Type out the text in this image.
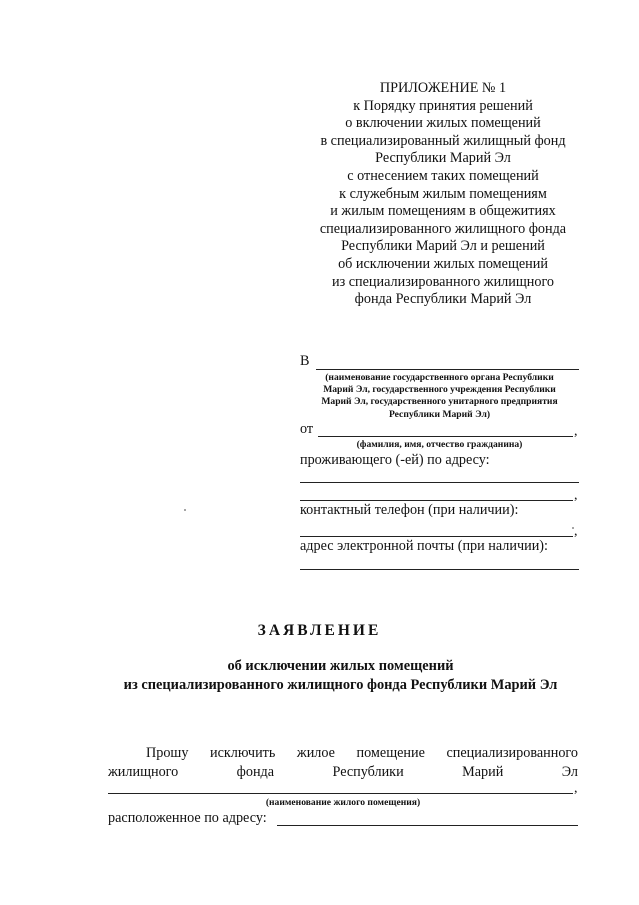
ПРИЛОЖЕНИЕ № 1
к Порядку принятия решений
о включении жилых помещений
в специализированный жилищный фонд
Республики Марий Эл
с отнесением таких помещений
к служебным жилым помещениям
и жилым помещениям в общежитиях
специализированного жилищного фонда
Республики Марий Эл и решений
об исключении жилых помещений
из специализированного жилищного
фонда Республики Марий Эл
В
(наименование государственного органа Республики
Марий Эл, государственного учреждения Республики
Марий Эл, государственного унитарного предприятия
Республики Марий Эл)
от	,
(фамилия, имя, отчество гражданина)
проживающего (-ей) по адресу:
,
контактный телефон (при наличии):
,
адрес электронной почты (при наличии):
ЗАЯВЛЕНИЕ
об исключении жилых помещений
из специализированного жилищного фонда Республики Марий Эл
Прошу исключить жилое помещение специализированного
жилищного	фонда	Республики	Марий	Эл
,
(наименование жилого помещения)
расположенное по адресу:
